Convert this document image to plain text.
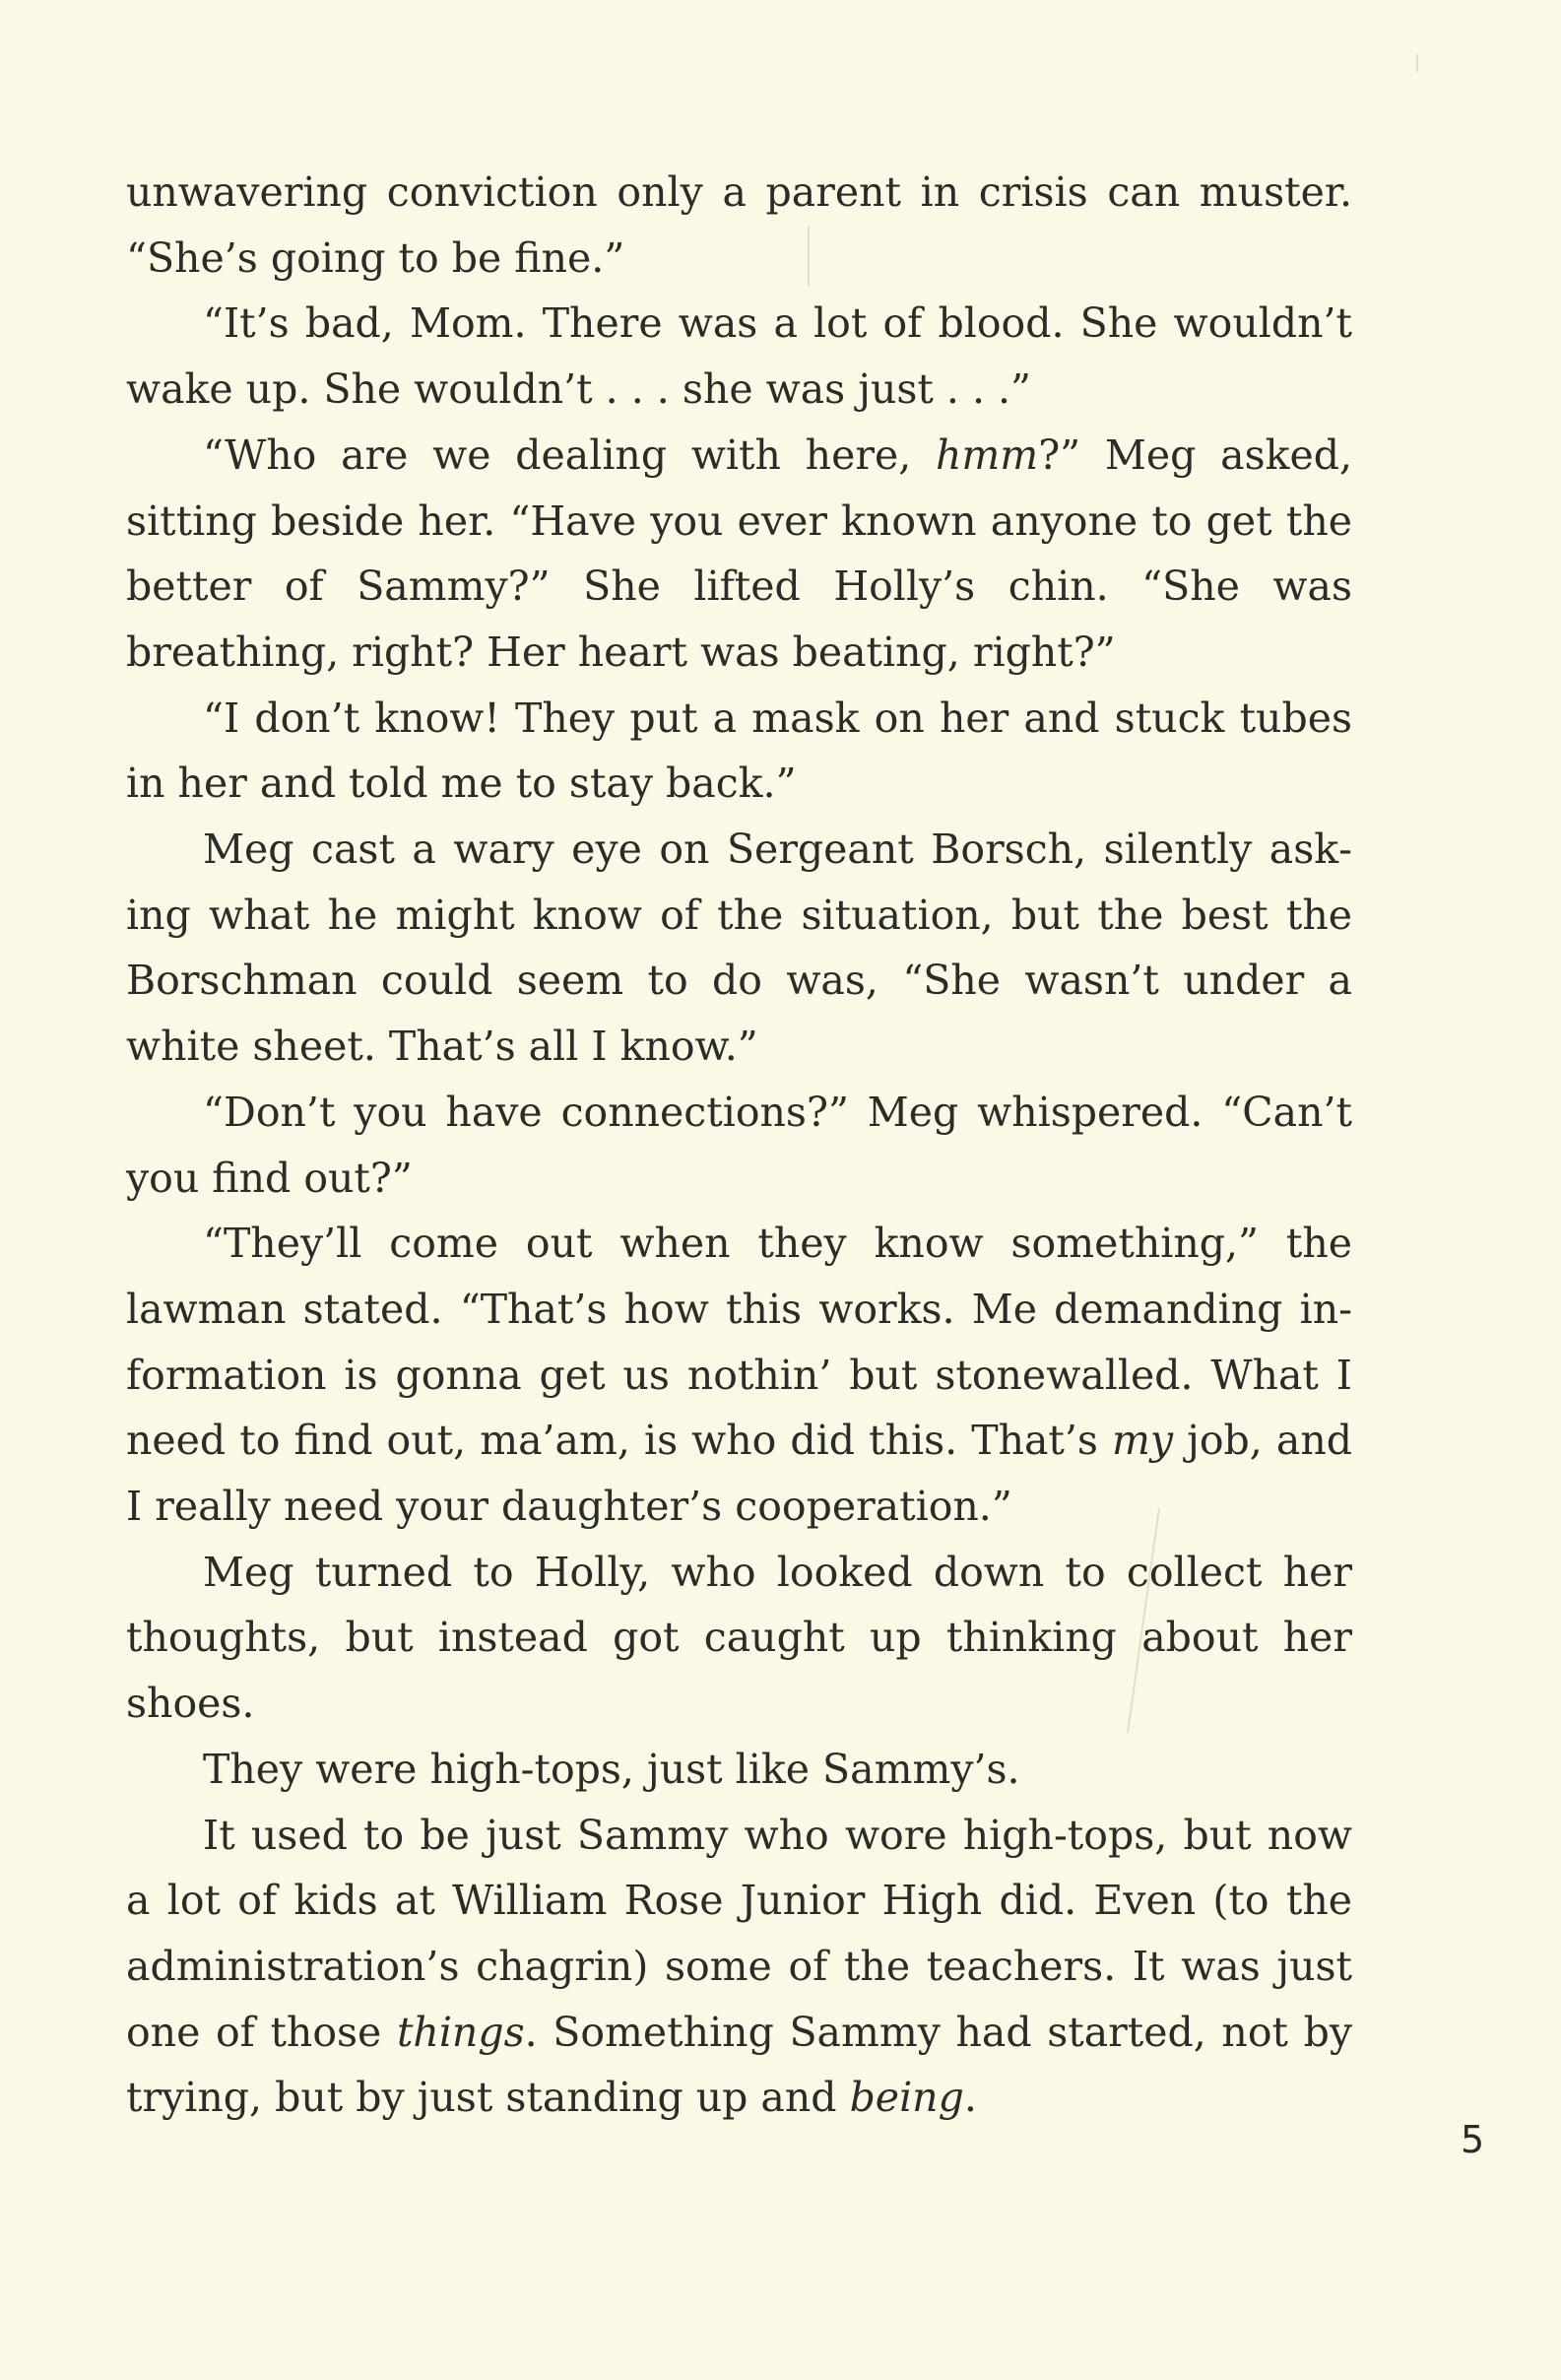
unwavering conviction only a parent in crisis can muster. “She’s going to be fine.”

“It’s bad, Mom. There was a lot of blood. She wouldn’t wake up. She wouldn’t . . . she was just . . .”

“Who are we dealing with here, hmm?” Meg asked, sitting beside her. “Have you ever known anyone to get the better of Sammy?” She lifted Holly’s chin. “She was breathing, right? Her heart was beating, right?”

“I don’t know! They put a mask on her and stuck tubes in her and told me to stay back.”

Meg cast a wary eye on Sergeant Borsch, silently asking what he might know of the situation, but the best the Borschman could seem to do was, “She wasn’t under a white sheet. That’s all I know.”

“Don’t you have connections?” Meg whispered. “Can’t you find out?”

“They’ll come out when they know something,” the lawman stated. “That’s how this works. Me demanding information is gonna get us nothin’ but stonewalled. What I need to find out, ma’am, is who did this. That’s my job, and I really need your daughter’s cooperation.”

Meg turned to Holly, who looked down to collect her thoughts, but instead got caught up thinking about her shoes.

They were high-tops, just like Sammy’s.

It used to be just Sammy who wore high-tops, but now a lot of kids at William Rose Junior High did. Even (to the administration’s chagrin) some of the teachers. It was just one of those things. Something Sammy had started, not by trying, but by just standing up and being.

5
